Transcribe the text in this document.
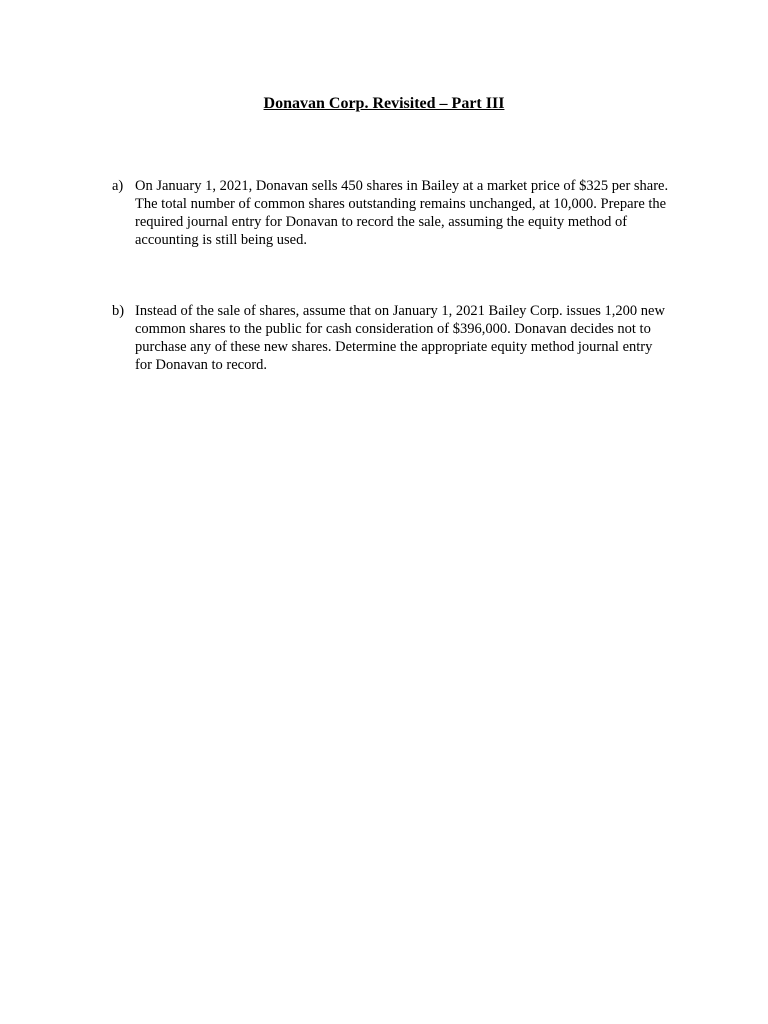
Donavan Corp. Revisited – Part III
a) On January 1, 2021, Donavan sells 450 shares in Bailey at a market price of $325 per share. The total number of common shares outstanding remains unchanged, at 10,000. Prepare the required journal entry for Donavan to record the sale, assuming the equity method of accounting is still being used.
b) Instead of the sale of shares, assume that on January 1, 2021 Bailey Corp. issues 1,200 new common shares to the public for cash consideration of $396,000. Donavan decides not to purchase any of these new shares. Determine the appropriate equity method journal entry for Donavan to record.
